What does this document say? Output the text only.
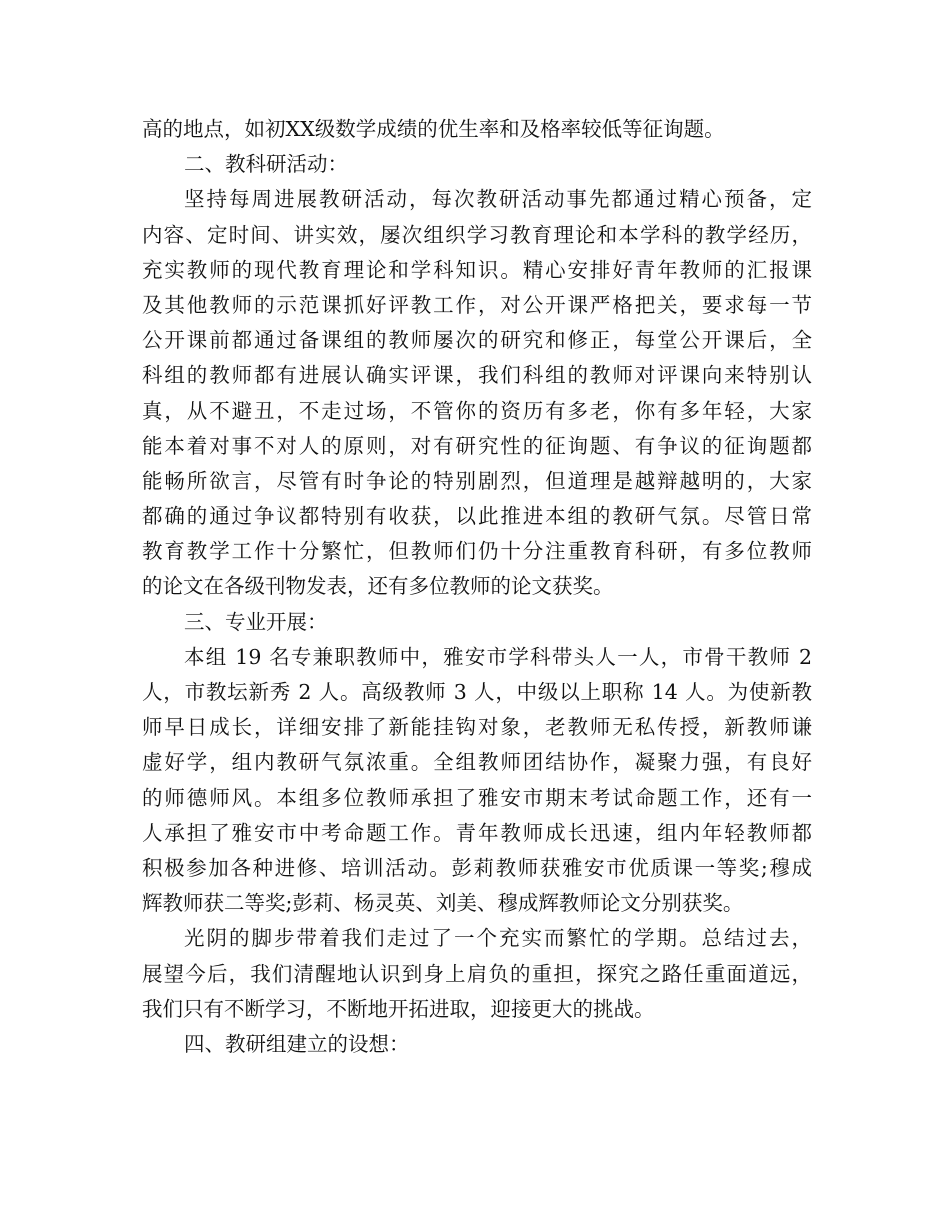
高的地点，如初XX级数学成绩的优生率和及格率较低等征询题。
二、教科研活动：
坚持每周进展教研活动，每次教研活动事先都通过精心预备，定
内容、定时间、讲实效，屡次组织学习教育理论和本学科的教学经历，
充实教师的现代教育理论和学科知识。精心安排好青年教师的汇报课
及其他教师的示范课抓好评教工作，对公开课严格把关，要求每一节
公开课前都通过备课组的教师屡次的研究和修正，每堂公开课后，全
科组的教师都有进展认确实评课，我们科组的教师对评课向来特别认
真，从不避丑，不走过场，不管你的资历有多老，你有多年轻，大家
能本着对事不对人的原则，对有研究性的征询题、有争议的征询题都
能畅所欲言，尽管有时争论的特别剧烈，但道理是越辩越明的，大家
都确的通过争议都特别有收获，以此推进本组的教研气氛。尽管日常
教育教学工作十分繁忙，但教师们仍十分注重教育科研，有多位教师
的论文在各级刊物发表，还有多位教师的论文获奖。
三、专业开展：
本组 19 名专兼职教师中，雅安市学科带头人一人，市骨干教师 2
人，市教坛新秀 2 人。高级教师 3 人，中级以上职称 14 人。为使新教
师早日成长，详细安排了新能挂钩对象，老教师无私传授，新教师谦
虚好学，组内教研气氛浓重。全组教师团结协作，凝聚力强，有良好
的师德师风。本组多位教师承担了雅安市期末考试命题工作，还有一
人承担了雅安市中考命题工作。青年教师成长迅速，组内年轻教师都
积极参加各种进修、培训活动。彭莉教师获雅安市优质课一等奖;穆成
辉教师获二等奖;彭莉、杨灵英、刘美、穆成辉教师论文分别获奖。
光阴的脚步带着我们走过了一个充实而繁忙的学期。总结过去，
展望今后，我们清醒地认识到身上肩负的重担，探究之路任重面道远，
我们只有不断学习，不断地开拓进取，迎接更大的挑战。
四、教研组建立的设想：
